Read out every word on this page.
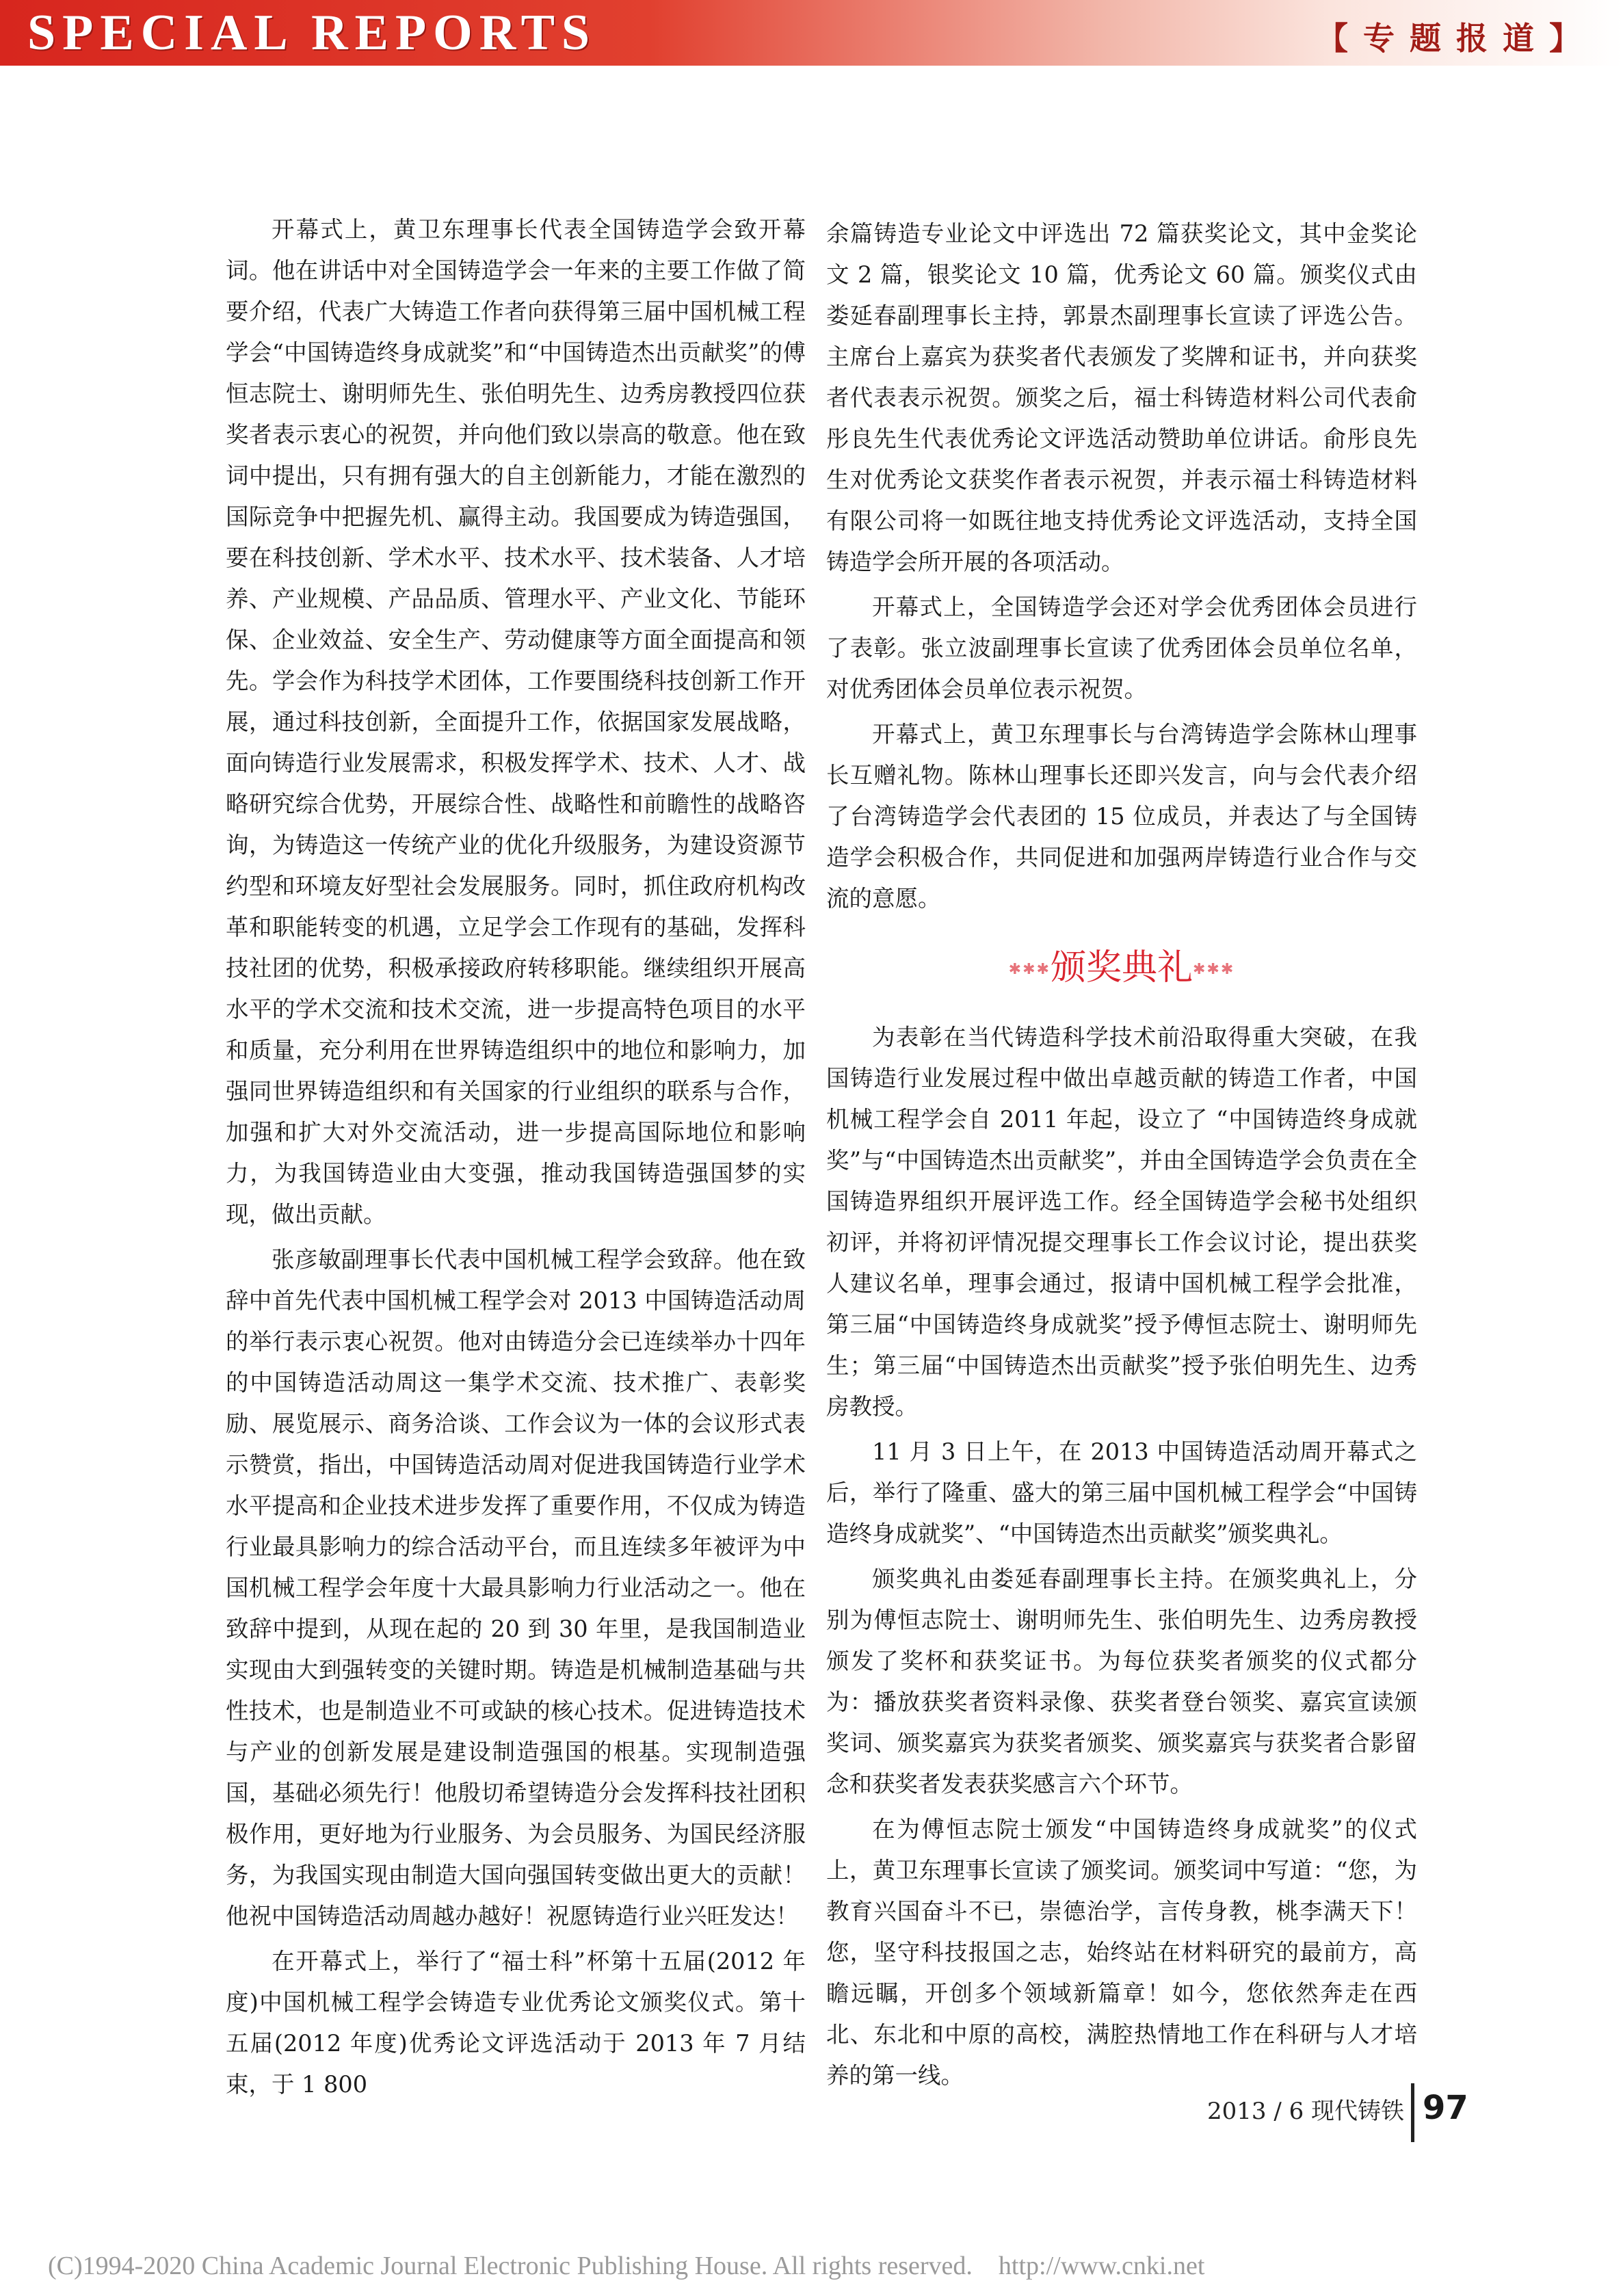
SPECIAL REPORTS	【专题报道】

开幕式上，黄卫东理事长代表全国铸造学会致开幕词。他在讲话中对全国铸造学会一年来的主要工作做了简要介绍，代表广大铸造工作者向获得第三届中国机械工程学会“中国铸造终身成就奖”和“中国铸造杰出贡献奖”的傅恒志院士、谢明师先生、张伯明先生、边秀房教授四位获奖者表示衷心的祝贺，并向他们致以崇高的敬意。他在致词中提出，只有拥有强大的自主创新能力，才能在激烈的国际竞争中把握先机、赢得主动。我国要成为铸造强国，要在科技创新、学术水平、技术水平、技术装备、人才培养、产业规模、产品品质、管理水平、产业文化、节能环保、企业效益、安全生产、劳动健康等方面全面提高和领先。学会作为科技学术团体，工作要围绕科技创新工作开展，通过科技创新，全面提升工作，依据国家发展战略，面向铸造行业发展需求，积极发挥学术、技术、人才、战略研究综合优势，开展综合性、战略性和前瞻性的战略咨询，为铸造这一传统产业的优化升级服务，为建设资源节约型和环境友好型社会发展服务。同时，抓住政府机构改革和职能转变的机遇，立足学会工作现有的基础，发挥科技社团的优势，积极承接政府转移职能。继续组织开展高水平的学术交流和技术交流，进一步提高特色项目的水平和质量，充分利用在世界铸造组织中的地位和影响力，加强同世界铸造组织和有关国家的行业组织的联系与合作，加强和扩大对外交流活动，进一步提高国际地位和影响力，为我国铸造业由大变强，推动我国铸造强国梦的实现，做出贡献。

张彦敏副理事长代表中国机械工程学会致辞。他在致辞中首先代表中国机械工程学会对 2013 中国铸造活动周的举行表示衷心祝贺。他对由铸造分会已连续举办十四年的中国铸造活动周这一集学术交流、技术推广、表彰奖励、展览展示、商务洽谈、工作会议为一体的会议形式表示赞赏，指出，中国铸造活动周对促进我国铸造行业学术水平提高和企业技术进步发挥了重要作用，不仅成为铸造行业最具影响力的综合活动平台，而且连续多年被评为中国机械工程学会年度十大最具影响力行业活动之一。他在致辞中提到，从现在起的 20 到 30 年里，是我国制造业实现由大到强转变的关键时期。铸造是机械制造基础与共性技术，也是制造业不可或缺的核心技术。促进铸造技术与产业的创新发展是建设制造强国的根基。实现制造强国，基础必须先行！他殷切希望铸造分会发挥科技社团积极作用，更好地为行业服务、为会员服务、为国民经济服务，为我国实现由制造大国向强国转变做出更大的贡献！他祝中国铸造活动周越办越好！祝愿铸造行业兴旺发达！

在开幕式上，举行了“福士科”杯第十五届(2012 年度)中国机械工程学会铸造专业优秀论文颁奖仪式。第十五届(2012 年度)优秀论文评选活动于 2013 年 7 月结束，于 1 800

余篇铸造专业论文中评选出 72 篇获奖论文，其中金奖论文 2 篇，银奖论文 10 篇，优秀论文 60 篇。颁奖仪式由娄延春副理事长主持，郭景杰副理事长宣读了评选公告。主席台上嘉宾为获奖者代表颁发了奖牌和证书，并向获奖者代表表示祝贺。颁奖之后，福士科铸造材料公司代表俞彤良先生代表优秀论文评选活动赞助单位讲话。俞彤良先生对优秀论文获奖作者表示祝贺，并表示福士科铸造材料有限公司将一如既往地支持优秀论文评选活动，支持全国铸造学会所开展的各项活动。

开幕式上，全国铸造学会还对学会优秀团体会员进行了表彰。张立波副理事长宣读了优秀团体会员单位名单，对优秀团体会员单位表示祝贺。

开幕式上，黄卫东理事长与台湾铸造学会陈林山理事长互赠礼物。陈林山理事长还即兴发言，向与会代表介绍了台湾铸造学会代表团的 15 位成员，并表达了与全国铸造学会积极合作，共同促进和加强两岸铸造行业合作与交流的意愿。

✱✱✱颁奖典礼✱✱✱

为表彰在当代铸造科学技术前沿取得重大突破，在我国铸造行业发展过程中做出卓越贡献的铸造工作者，中国机械工程学会自 2011 年起，设立了 “中国铸造终身成就奖”与“中国铸造杰出贡献奖”，并由全国铸造学会负责在全国铸造界组织开展评选工作。经全国铸造学会秘书处组织初评，并将初评情况提交理事长工作会议讨论，提出获奖人建议名单，理事会通过，报请中国机械工程学会批准，第三届“中国铸造终身成就奖”授予傅恒志院士、谢明师先生；第三届“中国铸造杰出贡献奖”授予张伯明先生、边秀房教授。

11 月 3 日上午，在 2013 中国铸造活动周开幕式之后，举行了隆重、盛大的第三届中国机械工程学会“中国铸造终身成就奖”、“中国铸造杰出贡献奖”颁奖典礼。

颁奖典礼由娄延春副理事长主持。在颁奖典礼上，分别为傅恒志院士、谢明师先生、张伯明先生、边秀房教授颁发了奖杯和获奖证书。为每位获奖者颁奖的仪式都分为：播放获奖者资料录像、获奖者登台领奖、嘉宾宣读颁奖词、颁奖嘉宾为获奖者颁奖、颁奖嘉宾与获奖者合影留念和获奖者发表获奖感言六个环节。

在为傅恒志院士颁发“中国铸造终身成就奖”的仪式上，黄卫东理事长宣读了颁奖词。颁奖词中写道：“您，为教育兴国奋斗不已，崇德治学，言传身教，桃李满天下！您，坚守科技报国之志，始终站在材料研究的最前方，高瞻远瞩，开创多个领域新篇章！如今，您依然奔走在西北、东北和中原的高校，满腔热情地工作在科研与人才培养的第一线。

2013 / 6 现代铸铁 97
(C)1994-2020 China Academic Journal Electronic Publishing House. All rights reserved.    http://www.cnki.net
